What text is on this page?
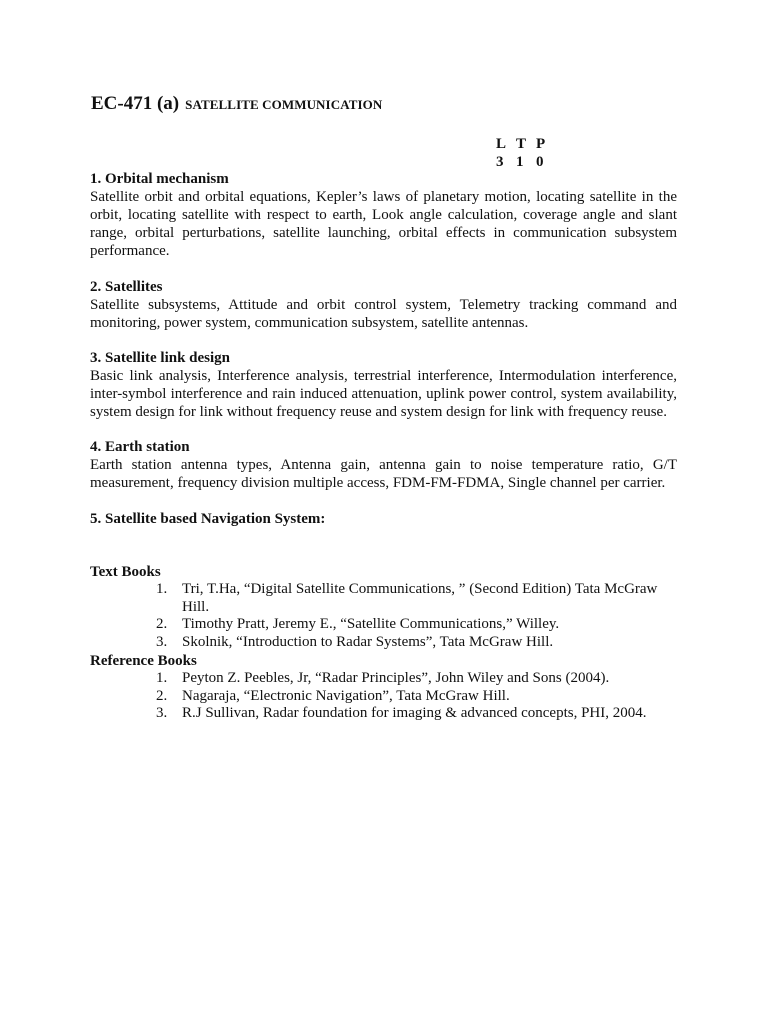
EC-471 (a) SATELLITE COMMUNICATION
L T P
3 1 0
1. Orbital mechanism

Satellite orbit and orbital equations, Kepler’s laws of planetary motion, locating satellite in the orbit, locating satellite with respect to earth, Look angle calculation, coverage angle and slant range, orbital perturbations, satellite launching, orbital effects in communication subsystem performance.

2. Satellites

Satellite subsystems, Attitude and orbit control system, Telemetry tracking command and monitoring, power system, communication subsystem, satellite antennas.

3. Satellite link design

Basic link analysis, Interference analysis, terrestrial interference, Intermodulation interference, inter-symbol interference and rain induced attenuation, uplink power control, system availability, system design for link without frequency reuse and system design for link with frequency reuse.

4. Earth station

Earth station antenna types, Antenna gain, antenna gain to noise temperature ratio, G/T measurement, frequency division multiple access, FDM-FM-FDMA, Single channel per carrier.

5. Satellite based Navigation System:
Text Books
1. Tri, T.Ha, “Digital Satellite Communications, ” (Second Edition) Tata McGraw Hill.
2. Timothy Pratt, Jeremy E., “Satellite Communications,” Willey.
3. Skolnik, “Introduction to Radar Systems”, Tata McGraw Hill.
Reference Books
1. Peyton Z. Peebles, Jr, “Radar Principles”, John Wiley and Sons (2004).
2. Nagaraja, “Electronic Navigation”, Tata McGraw Hill.
3. R.J Sullivan, Radar foundation for imaging & advanced concepts, PHI, 2004.
